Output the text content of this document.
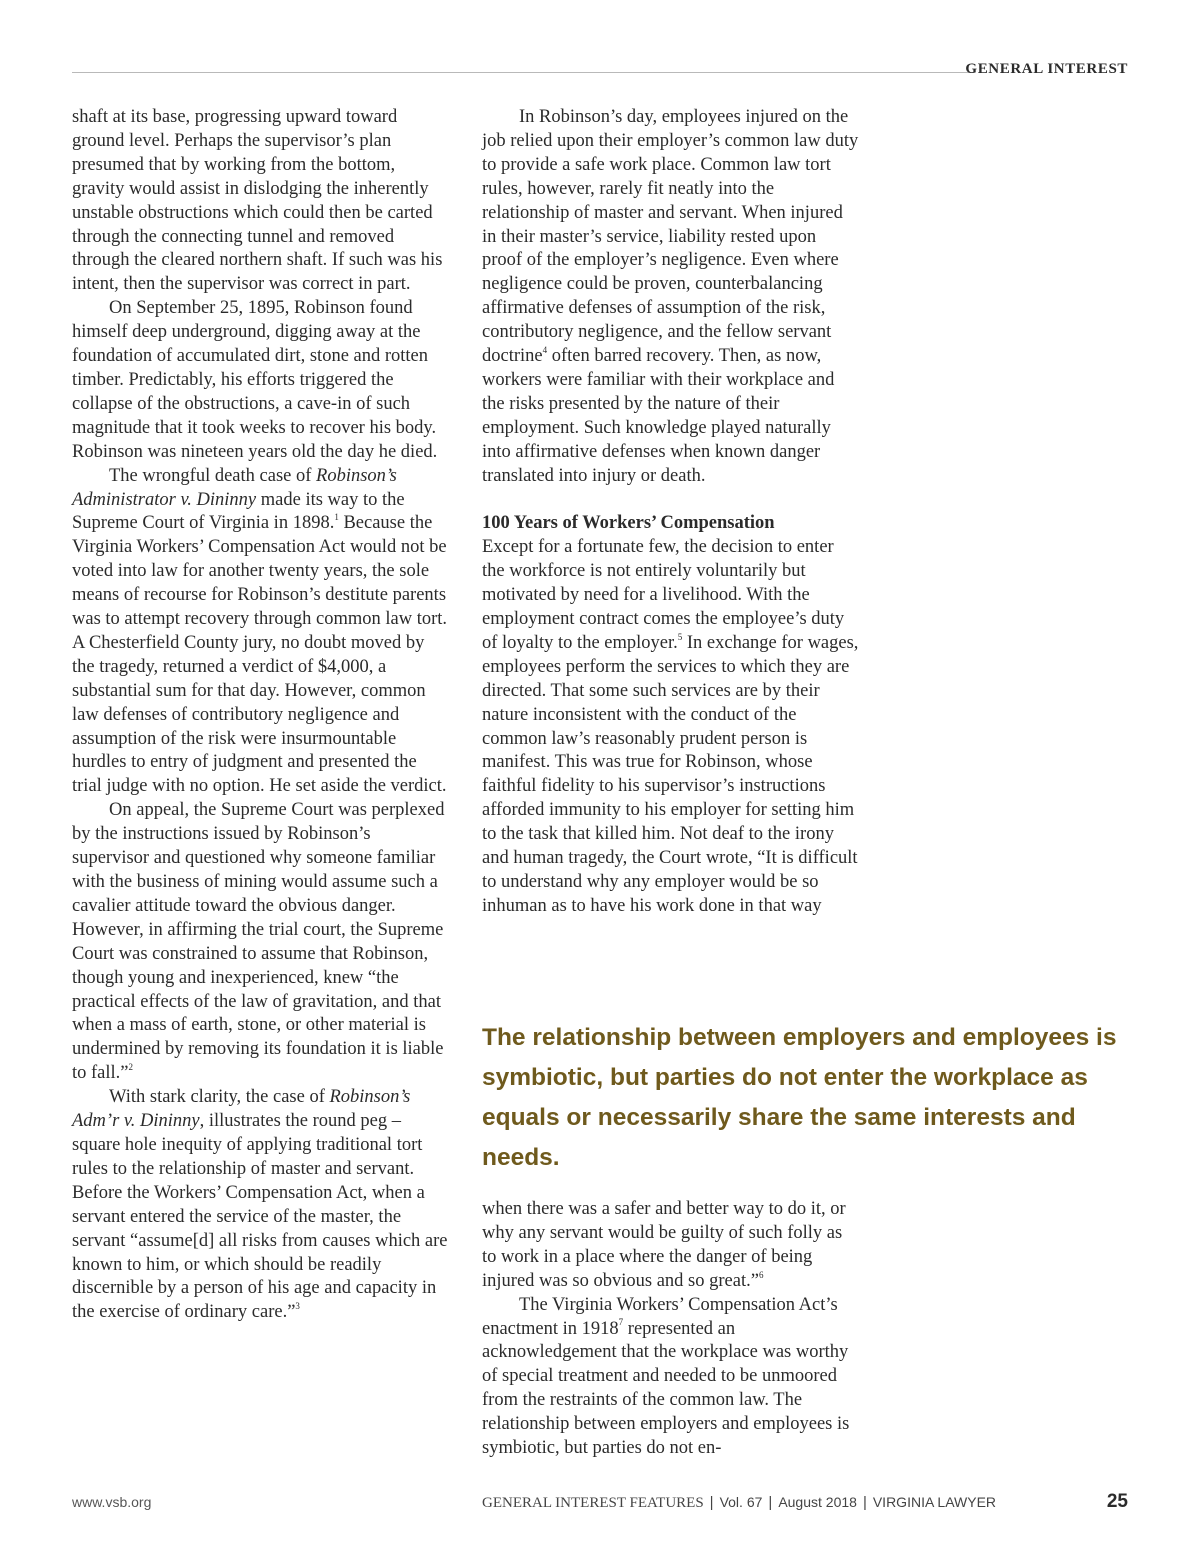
GENERAL INTEREST

shaft at its base, progressing upward toward ground level. Perhaps the supervisor’s plan presumed that by working from the bottom, gravity would assist in dislodging the inherently unstable obstructions which could then be carted through the connecting tunnel and removed through the cleared northern shaft. If such was his intent, then the supervisor was correct in part.

On September 25, 1895, Robinson found himself deep underground, digging away at the foundation of accumulated dirt, stone and rotten timber. Predictably, his efforts triggered the collapse of the obstructions, a cave-in of such magnitude that it took weeks to recover his body. Robinson was nineteen years old the day he died.

The wrongful death case of Robinson’s Administrator v. Dininny made its way to the Supreme Court of Virginia in 1898.$^1$ Because the Virginia Workers’ Compensation Act would not be voted into law for another twenty years, the sole means of recourse for Robinson’s destitute parents was to attempt recovery through common law tort. A Chesterfield County jury, no doubt moved by the tragedy, returned a verdict of $4,000, a substantial sum for that day. However, common law defenses of contributory negligence and assumption of the risk were insurmountable hurdles to entry of judgment and presented the trial judge with no option. He set aside the verdict.

On appeal, the Supreme Court was perplexed by the instructions issued by Robinson’s supervisor and questioned why someone familiar with the business of mining would assume such a cavalier attitude toward the obvious danger. However, in affirming the trial court, the Supreme Court was constrained to assume that Robinson, though young and inexperienced, knew “the practical effects of the law of gravitation, and that when a mass of earth, stone, or other material is undermined by removing its foundation it is liable to fall.”$^2$

With stark clarity, the case of Robinson’s Adm’r v. Dininny, illustrates the round peg – square hole inequity of applying traditional tort rules to the relationship of master and servant. Before the Workers’ Compensation Act, when a servant entered the service of the master, the servant “assume[d] all risks from causes which are known to him, or which should be readily discernible by a person of his age and capacity in the exercise of ordinary care.”$^3$

In Robinson’s day, employees injured on the job relied upon their employer’s common law duty to provide a safe work place. Common law tort rules, however, rarely fit neatly into the relationship of master and servant. When injured in their master’s service, liability rested upon proof of the employer’s negligence. Even where negligence could be proven, counterbalancing affirmative defenses of assumption of the risk, contributory negligence, and the fellow servant doctrine$^4$ often barred recovery. Then, as now, workers were familiar with their workplace and the risks presented by the nature of their employment. Such knowledge played naturally into affirmative defenses when known danger translated into injury or death.

100 Years of Workers’ Compensation

Except for a fortunate few, the decision to enter the workforce is not entirely voluntarily but motivated by need for a livelihood. With the employment contract comes the employee’s duty of loyalty to the employer.$^5$ In exchange for wages, employees perform the services to which they are directed. That some such services are by their nature inconsistent with the conduct of the common law’s reasonably prudent person is manifest. This was true for Robinson, whose faithful fidelity to his supervisor’s instructions afforded immunity to his employer for setting him to the task that killed him. Not deaf to the irony and human tragedy, the Court wrote, “It is difficult to understand why any employer would be so inhuman as to have his work done in that way

The relationship between employers and employees is symbiotic, but parties do not enter the workplace as equals or necessarily share the same interests and needs.

when there was a safer and better way to do it, or why any servant would be guilty of such folly as to work in a place where the danger of being injured was so obvious and so great.”$^6$

The Virginia Workers’ Compensation Act’s enactment in 1918$^7$ represented an acknowledgement that the workplace was worthy of special treatment and needed to be unmoored from the restraints of the common law. The relationship between employers and employees is symbiotic, but parties do not en-

www.vsb.org	GENERAL INTEREST FEATURES | Vol. 67 | August 2018 | VIRGINIA LAWYER	25
